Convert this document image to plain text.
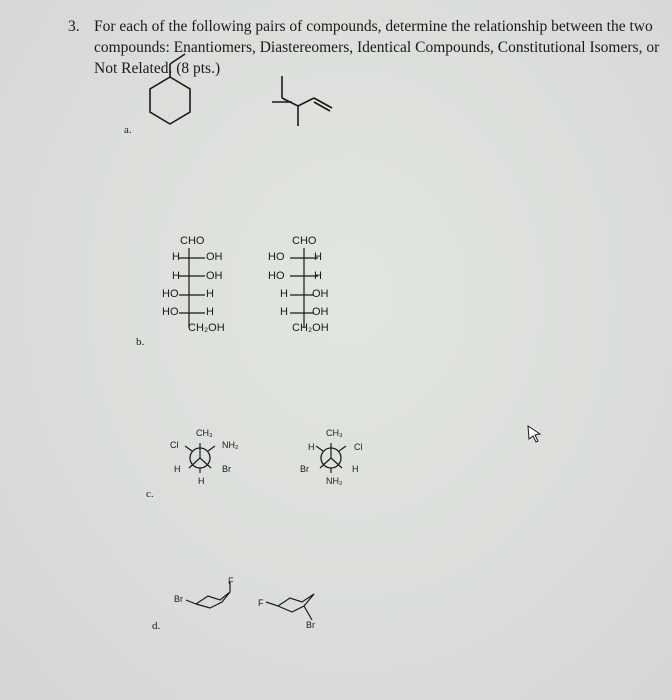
3. For each of the following pairs of compounds, determine the relationship between the two compounds: Enantiomers, Diastereomers, Identical Compounds, Constitutional Isomers, or Not Related. (8 pts.)
a.
CHO
H OH
H OH
HO	H
HO	H
CH₂OH
CHO
HO	H
HO	H
H OH
H OH
CH₂OH
b.
CH₃
Cl	NH₂
H	Br
H
CH₃
H	Cl
Br	H
NH₂
c.
Br
F
F
Br
d.
